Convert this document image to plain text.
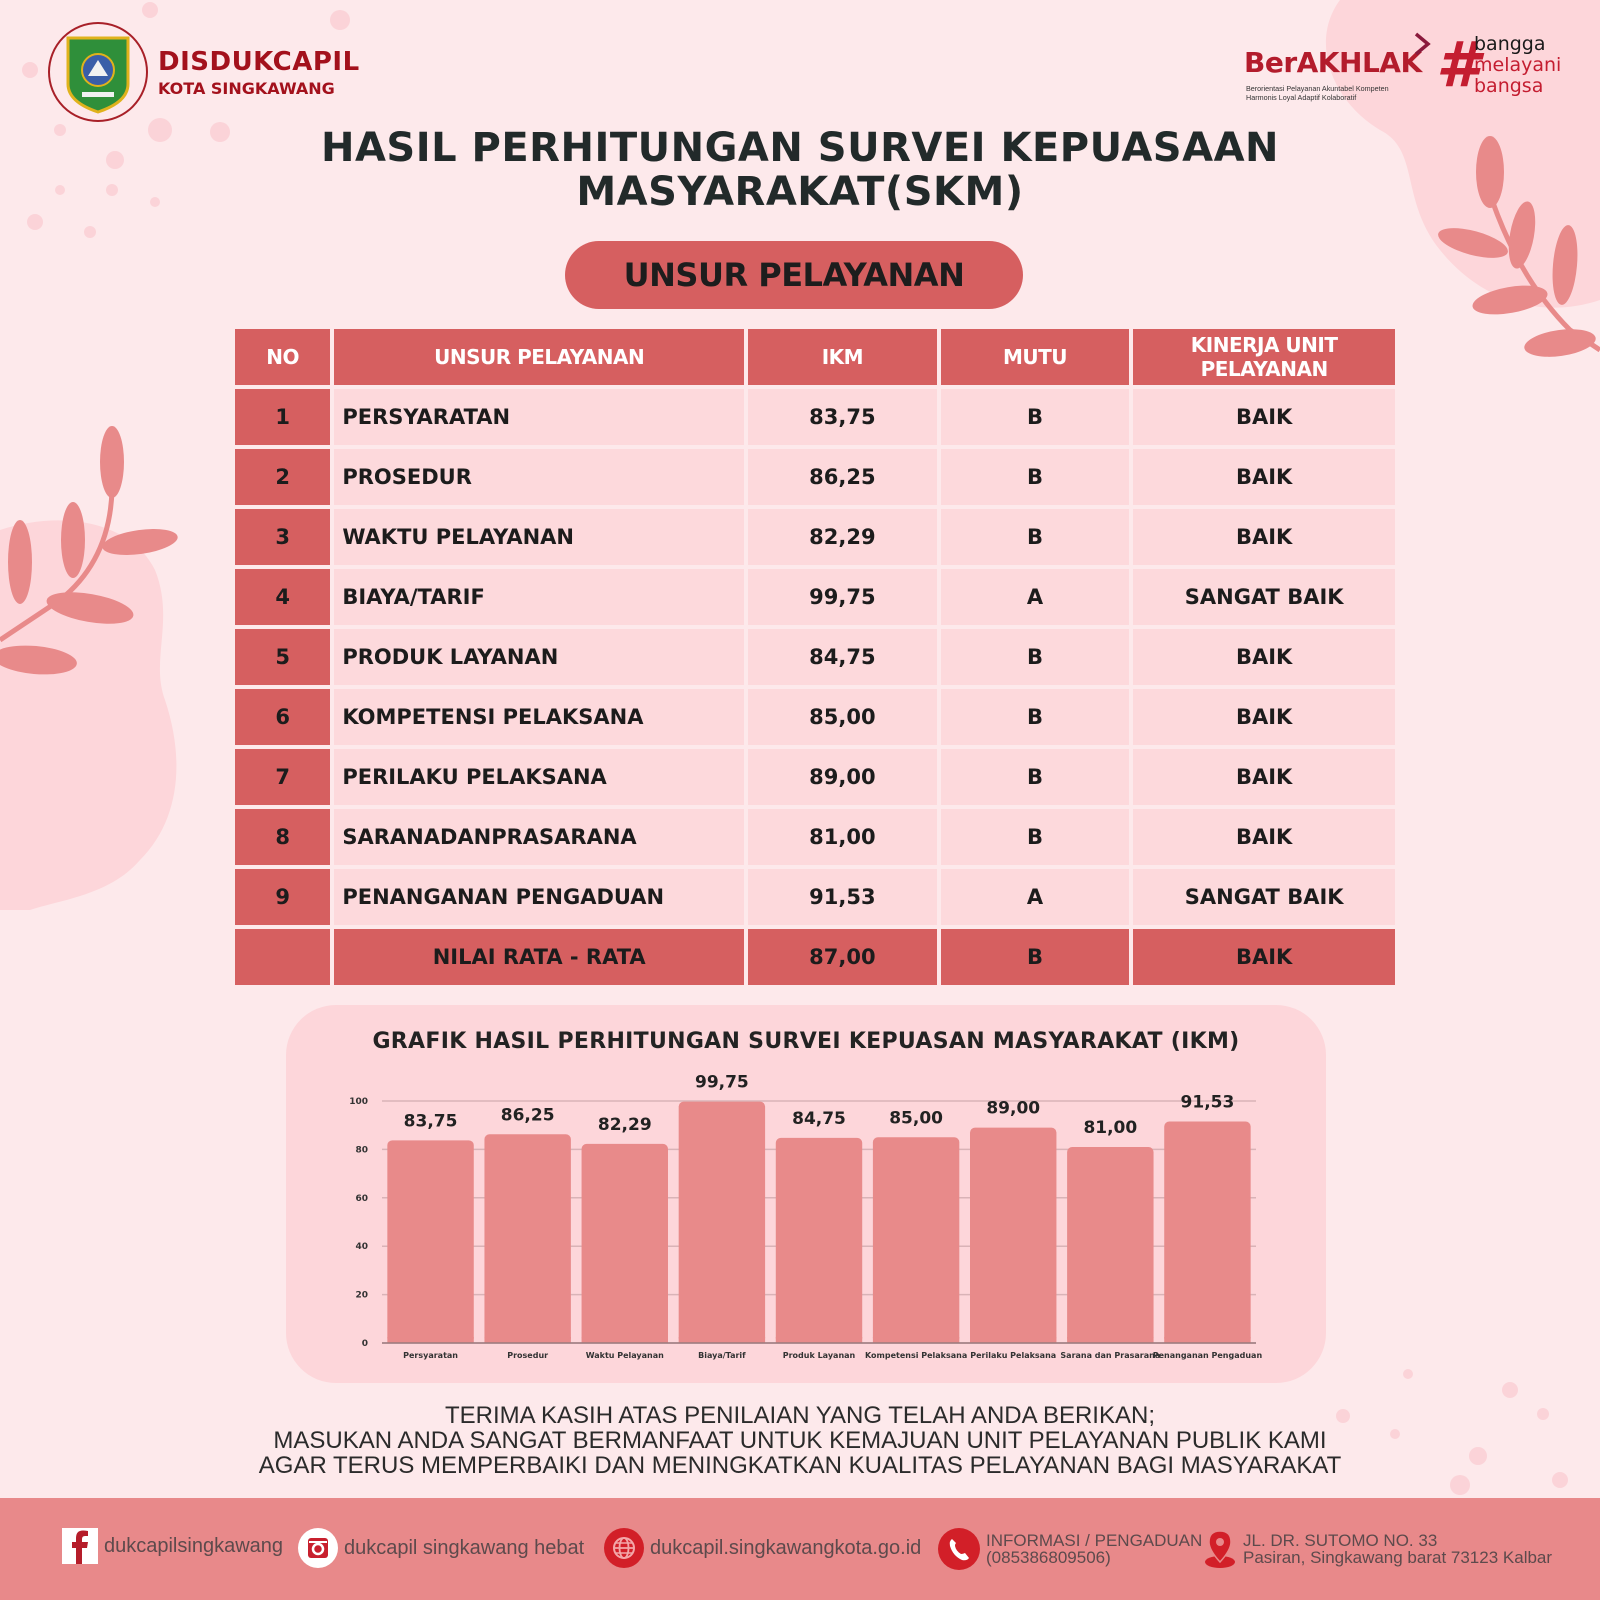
DISDUKCAPIL
KOTA SINGKAWANG
BerAKHLAK
Berorientasi Pelayanan Akuntabel Kompeten
Harmonis Loyal Adaptif Kolaboratif #
bangga
melayani
bangsa
HASIL PERHITUNGAN SURVEI KEPUASAAN
MASYARAKAT(SKM)
UNSUR PELAYANAN
NO	UNSUR PELAYANAN	IKM	MUTU	KINERJA UNIT PELAYANAN
1	PERSYARATAN	83,75	B	BAIK
2	PROSEDUR	86,25	B	BAIK
3	WAKTU PELAYANAN	82,29	B	BAIK
4	BIAYA/TARIF	99,75	A	SANGAT BAIK
5	PRODUK LAYANAN	84,75	B	BAIK
6	KOMPETENSI PELAKSANA	85,00	B	BAIK
7	PERILAKU PELAKSANA	89,00	B	BAIK
8	SARANADANPRASARANA	81,00	B	BAIK
9	PENANGANAN PENGADUAN	91,53	A	SANGAT BAIK
	NILAI RATA - RATA	87,00	B	BAIK
GRAFIK HASIL PERHITUNGAN SURVEI KEPUASAN MASYARAKAT (IKM)
0
20
40
60
80
100
83,75
Persyaratan
86,25
Prosedur
82,29
Waktu Pelayanan
99,75
Biaya/Tarif
84,75
Produk Layanan
85,00
Kompetensi Pelaksana
89,00
Perilaku Pelaksana
81,00
Sarana dan Prasarana
91,53
Penanganan Pengaduan
TERIMA KASIH ATAS PENILAIAN YANG TELAH ANDA BERIKAN;
MASUKAN ANDA SANGAT BERMANFAAT UNTUK KEMAJUAN UNIT PELAYANAN PUBLIK KAMI
AGAR TERUS MEMPERBAIKI DAN MENINGKATKAN KUALITAS PELAYANAN BAGI MASYARAKAT
dukcapilsingkawang	dukcapil singkawang hebat	dukcapil.singkawangkota.go.id	INFORMASI / PENGADUAN
(085386809506)
JL. DR. SUTOMO NO. 33
Pasiran, Singkawang barat 73123 Kalbar
